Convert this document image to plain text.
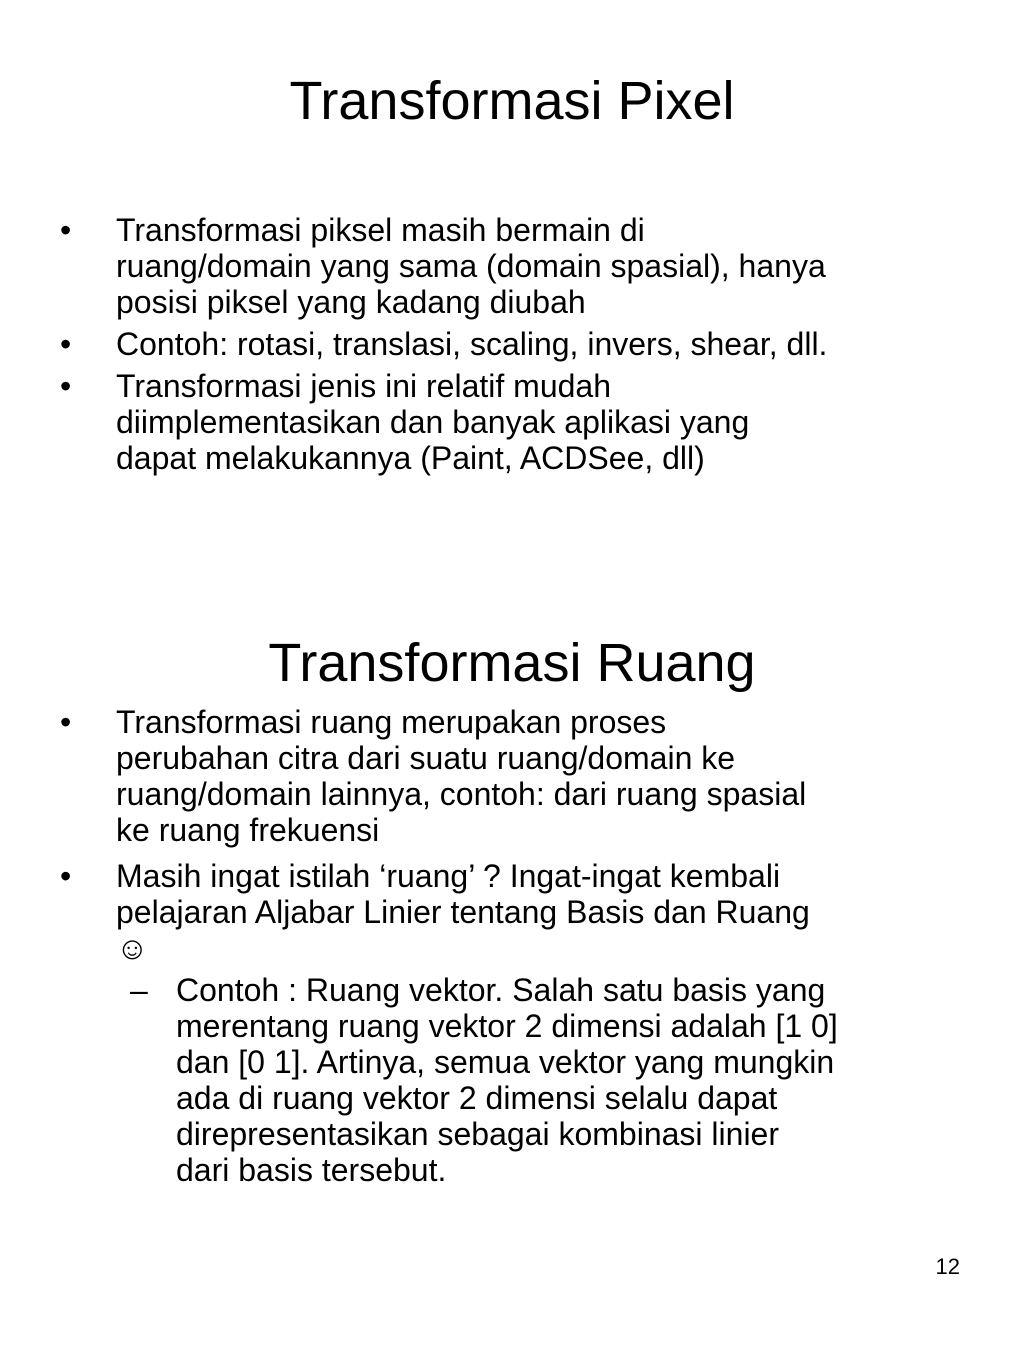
Transformasi Pixel
• Transformasi piksel masih bermain di
ruang/domain yang sama (domain spasial), hanya
posisi piksel yang kadang diubah
• Contoh: rotasi, translasi, scaling, invers, shear, dll.
• Transformasi jenis ini relatif mudah
diimplementasikan dan banyak aplikasi yang
dapat melakukannya (Paint, ACDSee, dll)
Transformasi Ruang
• Transformasi ruang merupakan proses
perubahan citra dari suatu ruang/domain ke
ruang/domain lainnya, contoh: dari ruang spasial
ke ruang frekuensi
• Masih ingat istilah ‘ruang’ ? Ingat-ingat kembali
pelajaran Aljabar Linier tentang Basis dan Ruang
☺
– Contoh : Ruang vektor. Salah satu basis yang
merentang ruang vektor 2 dimensi adalah [1 0]
dan [0 1]. Artinya, semua vektor yang mungkin
ada di ruang vektor 2 dimensi selalu dapat
direpresentasikan sebagai kombinasi linier
dari basis tersebut.
12
